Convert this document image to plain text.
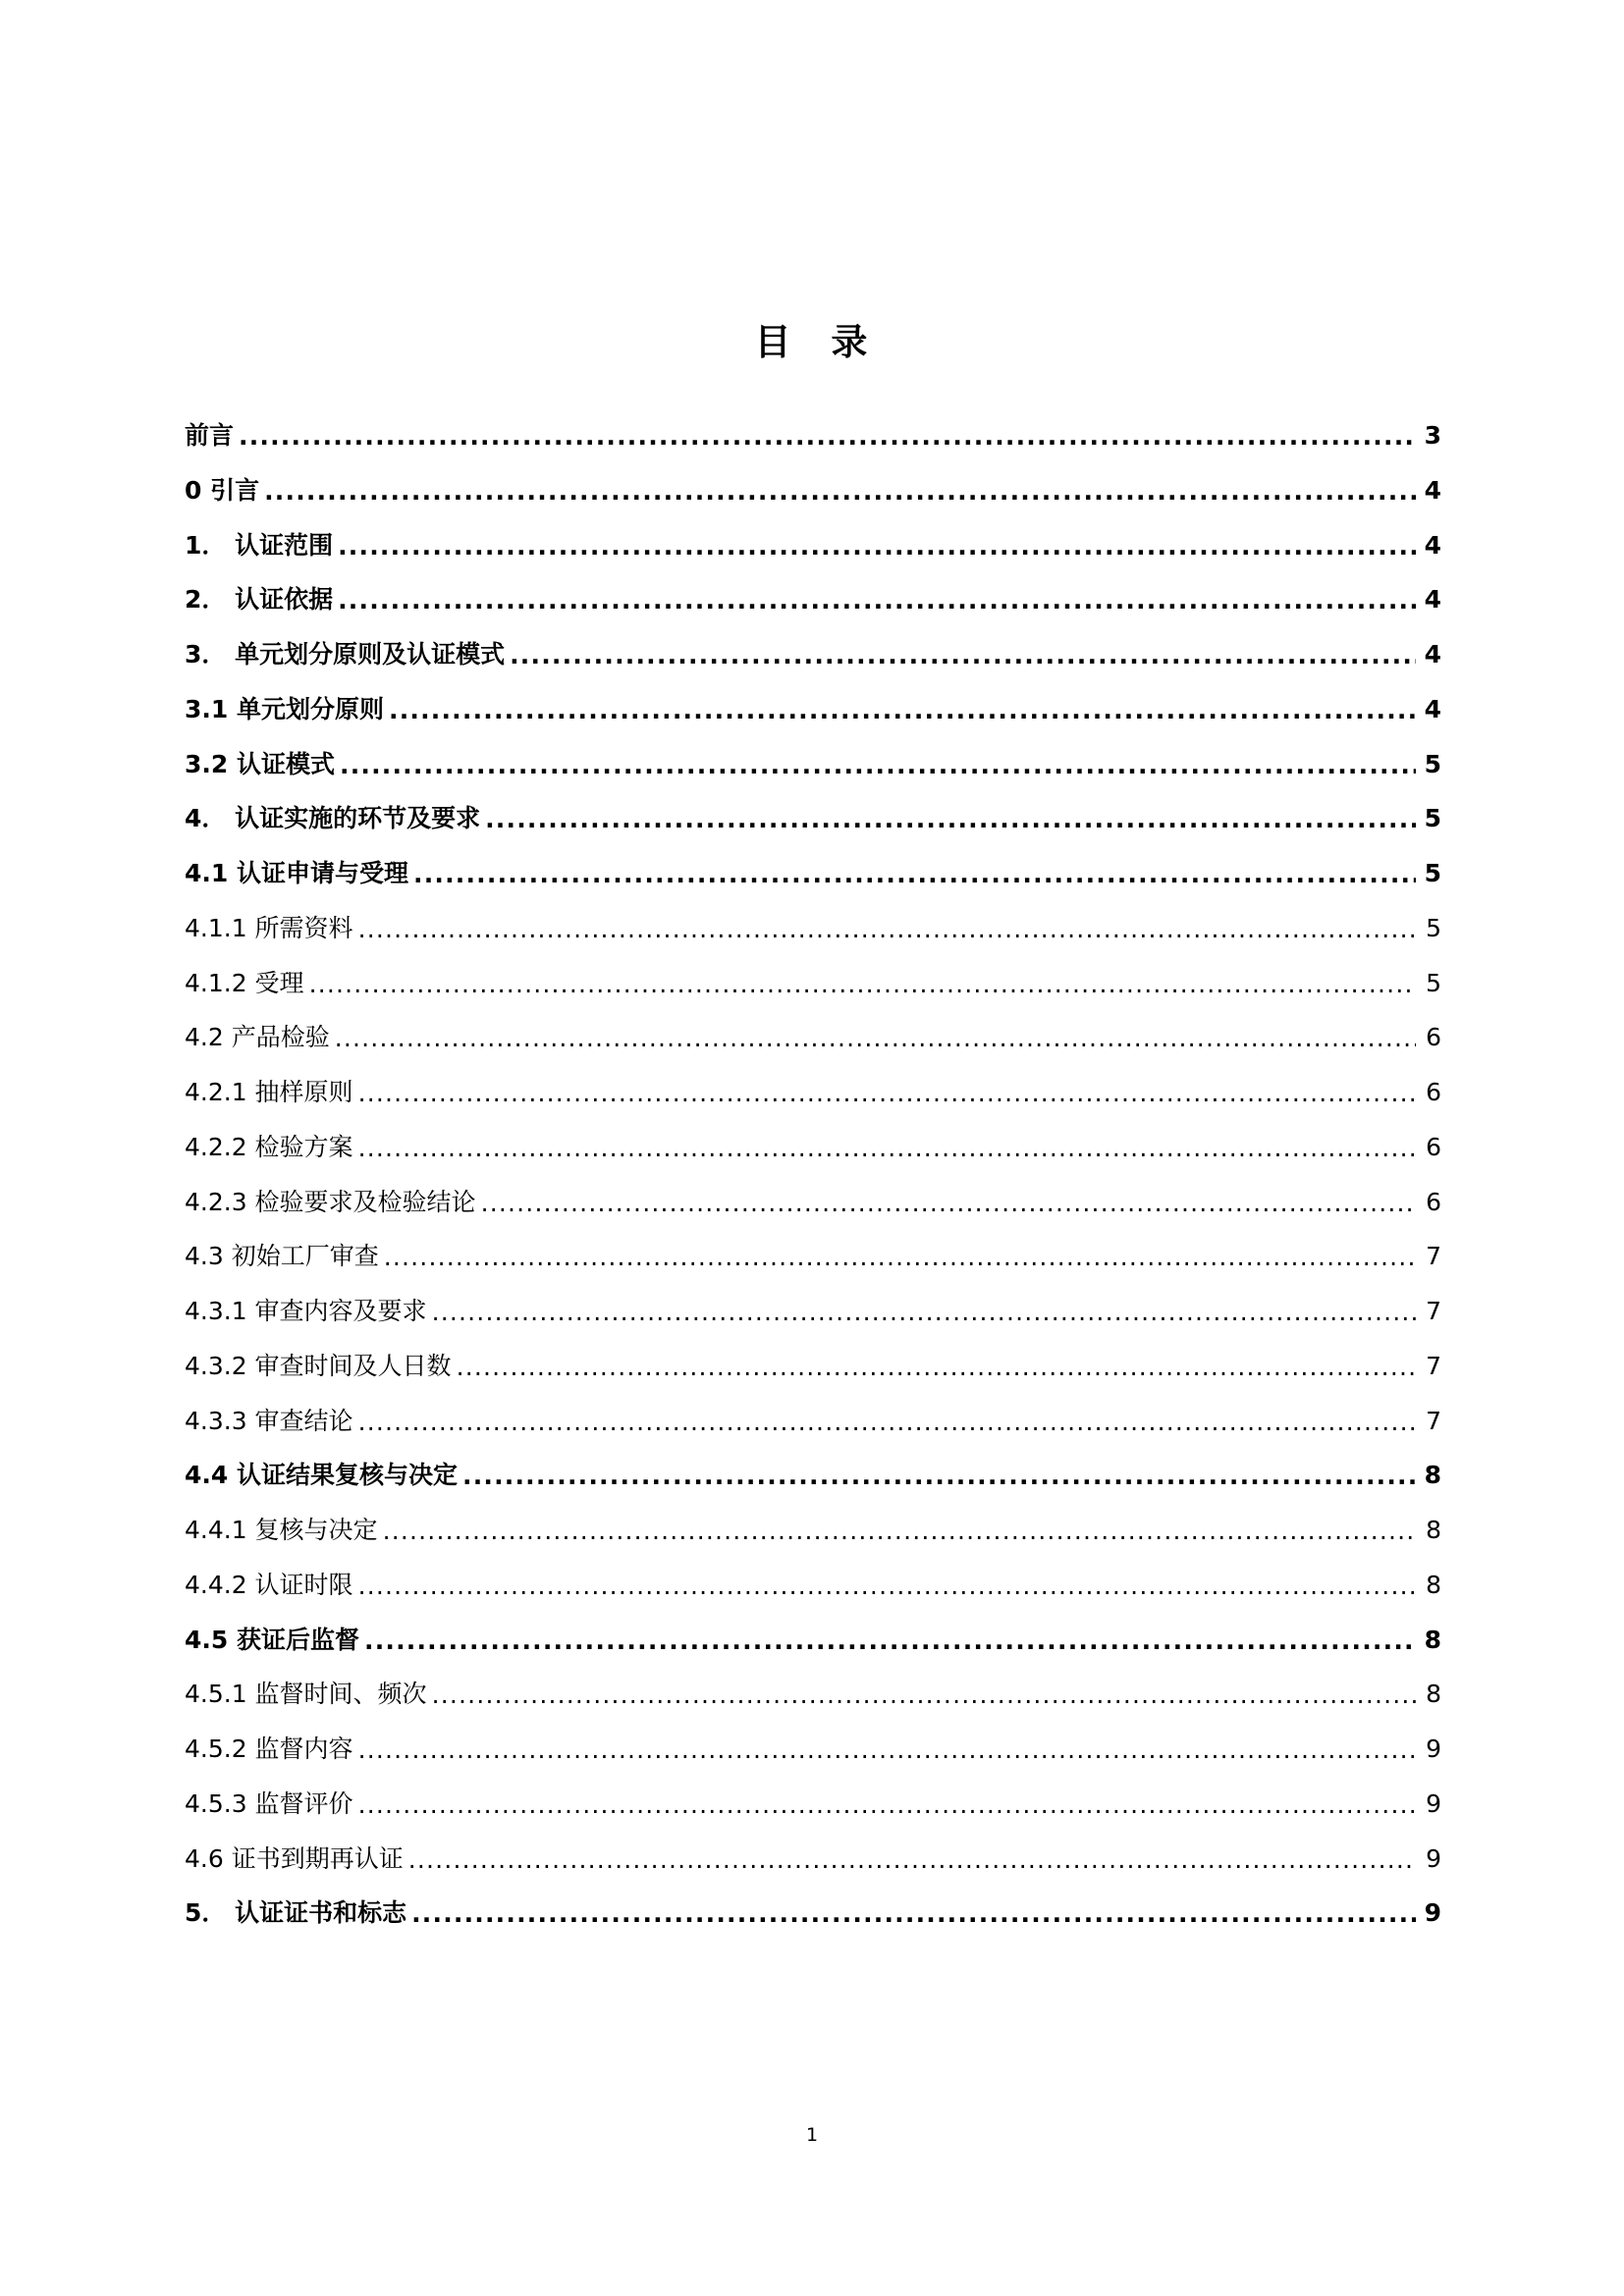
目 录
前言 .....	3
0 引言 .....	4
1． 认证范围 .....	4
2． 认证依据 .....	4
3． 单元划分原则及认证模式 .....	4
3.1 单元划分原则 .....	4
3.2 认证模式 .....	5
4． 认证实施的环节及要求 .....	5
4.1 认证申请与受理 .....	5
4.1.1 所需资料 .....	5
4.1.2 受理 .....	5
4.2 产品检验 .....	6
4.2.1 抽样原则 .....	6
4.2.2 检验方案 .....	6
4.2.3 检验要求及检验结论 .....	6
4.3 初始工厂审查 .....	7
4.3.1 审查内容及要求 .....	7
4.3.2 审查时间及人日数 .....	7
4.3.3 审查结论 .....	7
4.4 认证结果复核与决定 .....	8
4.4.1 复核与决定 .....	8
4.4.2 认证时限 .....	8
4.5 获证后监督 .....	8
4.5.1 监督时间、频次 .....	8
4.5.2 监督内容 .....	9
4.5.3 监督评价 .....	9
4.6 证书到期再认证 .....	9
5． 认证证书和标志 .....	9
1
